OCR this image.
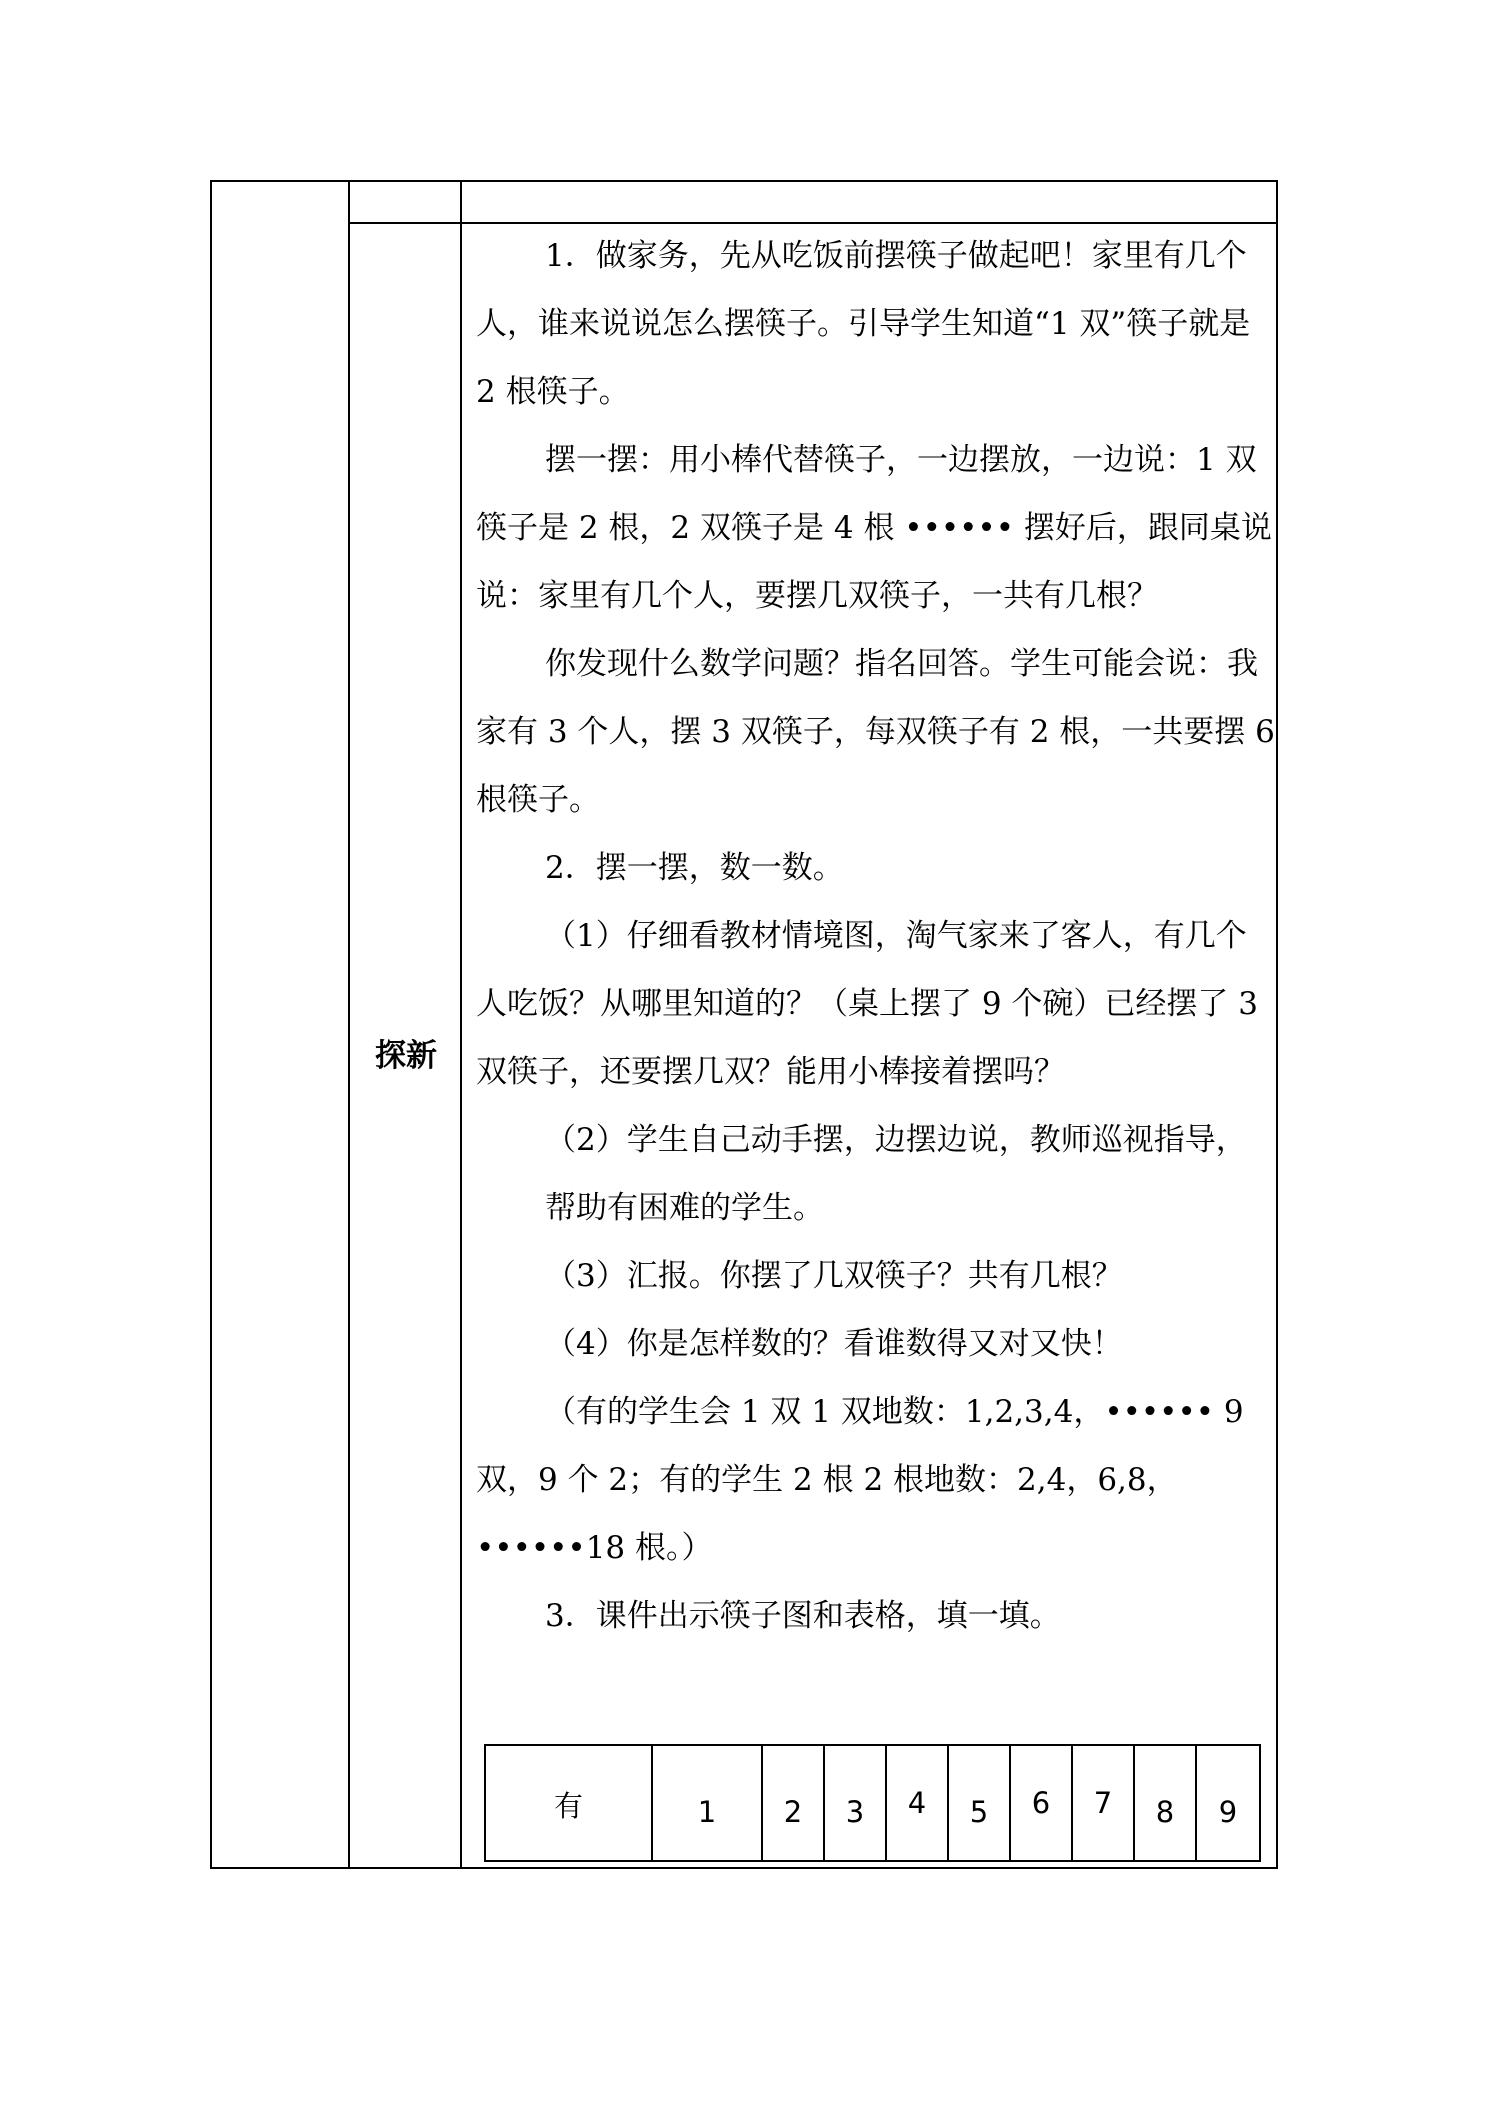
探新

1．做家务，先从吃饭前摆筷子做起吧！家里有几个人，谁来说说怎么摆筷子。引导学生知道“1 双”筷子就是 2 根筷子。

摆一摆：用小棒代替筷子，一边摆放，一边说：1 双筷子是 2 根，2 双筷子是 4 根 •••••• 摆好后，跟同桌说说：家里有几个人，要摆几双筷子，一共有几根？

你发现什么数学问题？指名回答。学生可能会说：我家有 3 个人，摆 3 双筷子，每双筷子有 2 根，一共要摆 6 根筷子。

2．摆一摆，数一数。

（1）仔细看教材情境图，淘气家来了客人，有几个人吃饭？从哪里知道的？（桌上摆了 9 个碗）已经摆了 3 双筷子，还要摆几双？能用小棒接着摆吗？

（2）学生自己动手摆，边摆边说，教师巡视指导，帮助有困难的学生。

（3）汇报。你摆了几双筷子？共有几根？

（4）你是怎样数的？看谁数得又对又快！

（有的学生会 1 双 1 双地数：1,2,3,4，•••••• 9 双，9 个 2；有的学生 2 根 2 根地数：2,4，6,8，••••••18 根。）

3．课件出示筷子图和表格，填一填。

有	1	2	3	4	5	6	7	8	9
